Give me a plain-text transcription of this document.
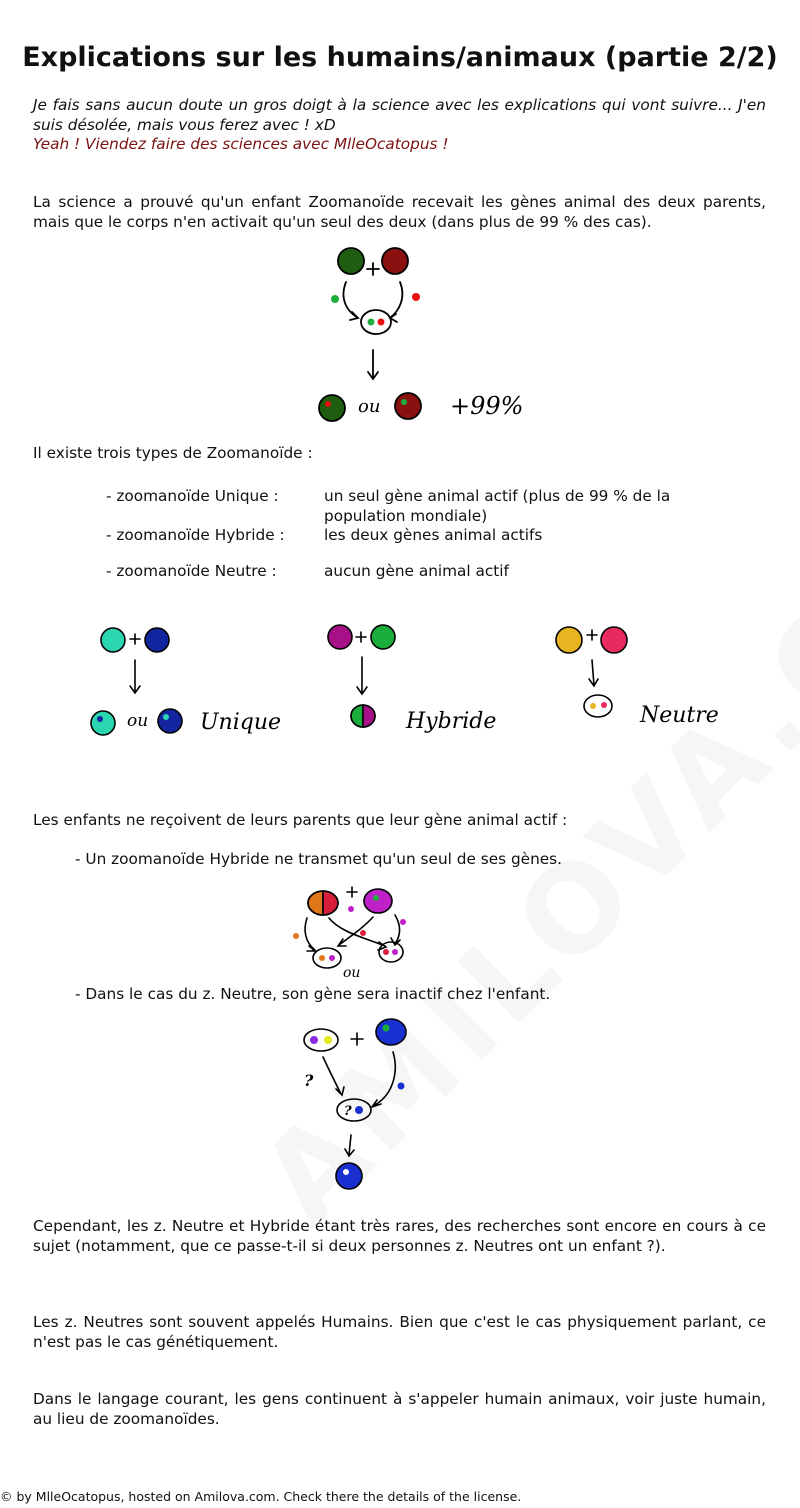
Explications sur les humains/animaux (partie 2/2)

Je fais sans aucun doute un gros doigt à la science avec les explications qui vont suivre... J'en suis désolée, mais vous ferez avec ! xD

Yeah ! Viendez faire des sciences avec MlleOcatopus !

La science a prouvé qu'un enfant Zoomanoïde recevait les gènes animal des deux parents, mais que le corps n'en activait qu'un seul des deux (dans plus de 99 % des cas).

ou	+99%

Il existe trois types de Zoomanoïde :

- zoomanoïde Unique :	un seul gène animal actif (plus de 99 % de la population mondiale)
- zoomanoïde Hybride :	les deux gènes animal actifs
- zoomanoïde Neutre :	aucun gène animal actif
ou Unique	Hybride	Neutre

Les enfants ne reçoivent de leurs parents que leur gène animal actif :

- Un zoomanoïde Hybride ne transmet qu'un seul de ses gènes.
ou
- Dans le cas du z. Neutre, son gène sera inactif chez l'enfant.
?
?

Cependant, les z. Neutre et Hybride étant très rares, des recherches sont encore en cours à ce sujet (notamment, que ce passe-t-il si deux personnes z. Neutres ont un enfant ?).

Les z. Neutres sont souvent appelés Humains. Bien que c'est le cas physiquement parlant, ce n'est pas le cas génétiquement.

Dans le langage courant, les gens continuent à s'appeler humain animaux, voir juste humain, au lieu de zoomanoïdes.

© by MlleOcatopus, hosted on Amilova.com. Check there the details of the license.
